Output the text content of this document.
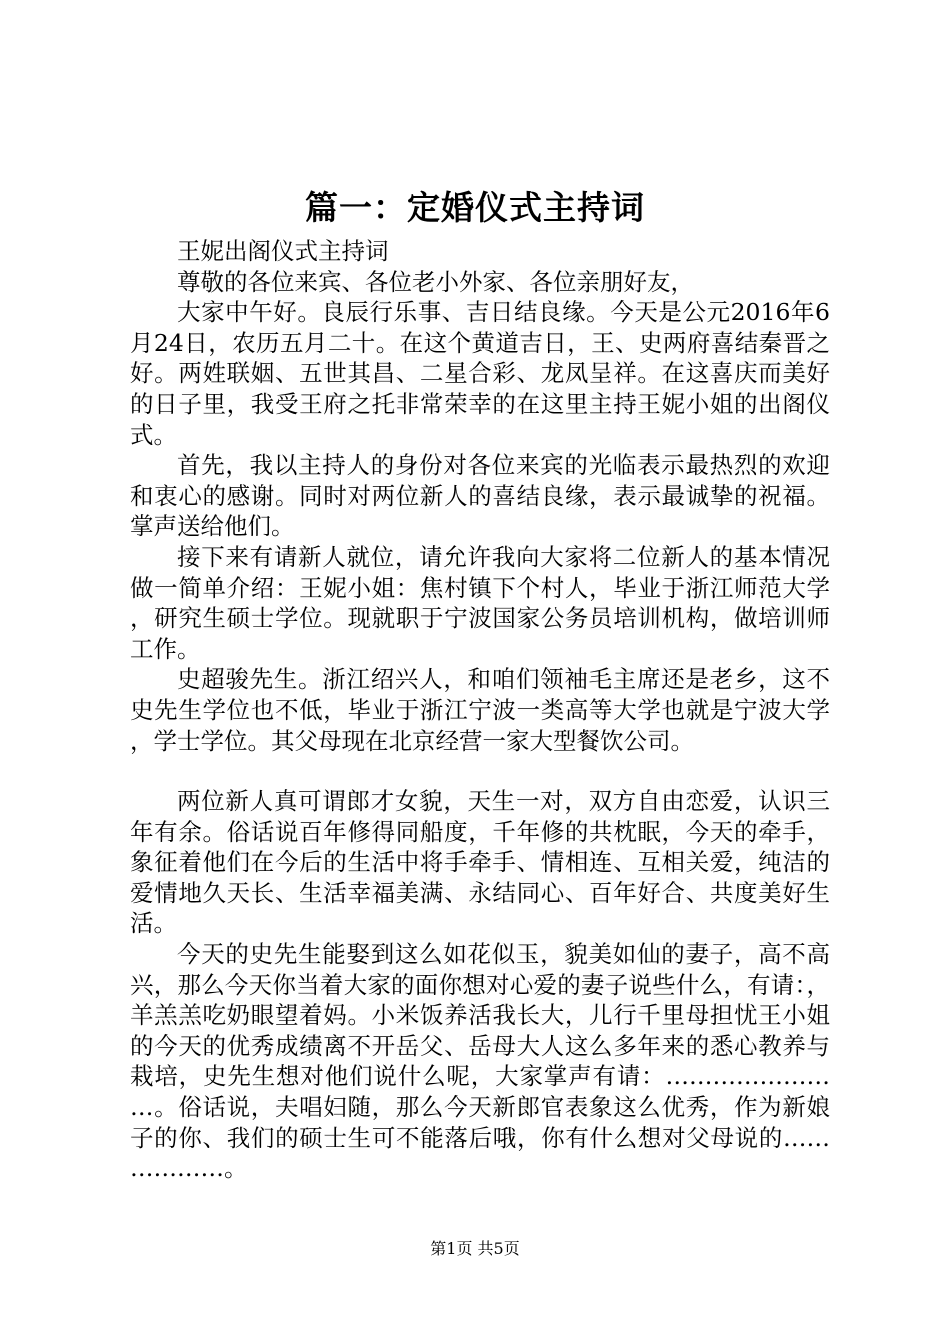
篇一：定婚仪式主持词

王妮出阁仪式主持词

尊敬的各位来宾、各位老小外家、各位亲朋好友，

大家中午好。良辰行乐事、吉日结良缘。今天是公元2016年6月24日，农历五月二十。在这个黄道吉日，王、史两府喜结秦晋之好。两姓联姻、五世其昌、二星合彩、龙凤呈祥。在这喜庆而美好的日子里，我受王府之托非常荣幸的在这里主持王妮小姐的出阁仪式。

首先，我以主持人的身份对各位来宾的光临表示最热烈的欢迎和衷心的感谢。同时对两位新人的喜结良缘，表示最诚挚的祝福。掌声送给他们。

接下来有请新人就位，请允许我向大家将二位新人的基本情况做一简单介绍：王妮小姐：焦村镇下个村人，毕业于浙江师范大学，研究生硕士学位。现就职于宁波国家公务员培训机构，做培训师工作。

史超骏先生。浙江绍兴人，和咱们领袖毛主席还是老乡，这不史先生学位也不低，毕业于浙江宁波一类高等大学也就是宁波大学，学士学位。其父母现在北京经营一家大型餐饮公司。

两位新人真可谓郎才女貌，天生一对，双方自由恋爱，认识三年有余。俗话说百年修得同船度，千年修的共枕眠，今天的牵手，象征着他们在今后的生活中将手牵手、情相连、互相关爱，纯洁的爱情地久天长、生活幸福美满、永结同心、百年好合、共度美好生活。

今天的史先生能娶到这么如花似玉，貌美如仙的妻子，高不高兴，那么今天你当着大家的面你想对心爱的妻子说些什么，有请：，羊羔羔吃奶眼望着妈。小米饭养活我长大，儿行千里母担忧王小姐的今天的优秀成绩离不开岳父、岳母大人这么多年来的悉心教养与栽培，史先生想对他们说什么呢，大家掌声有请：……………………。俗话说，夫唱妇随，那么今天新郎官表象这么优秀，作为新娘子的你、我们的硕士生可不能落后哦，你有什么想对父母说的………………。

第1页 共5页
